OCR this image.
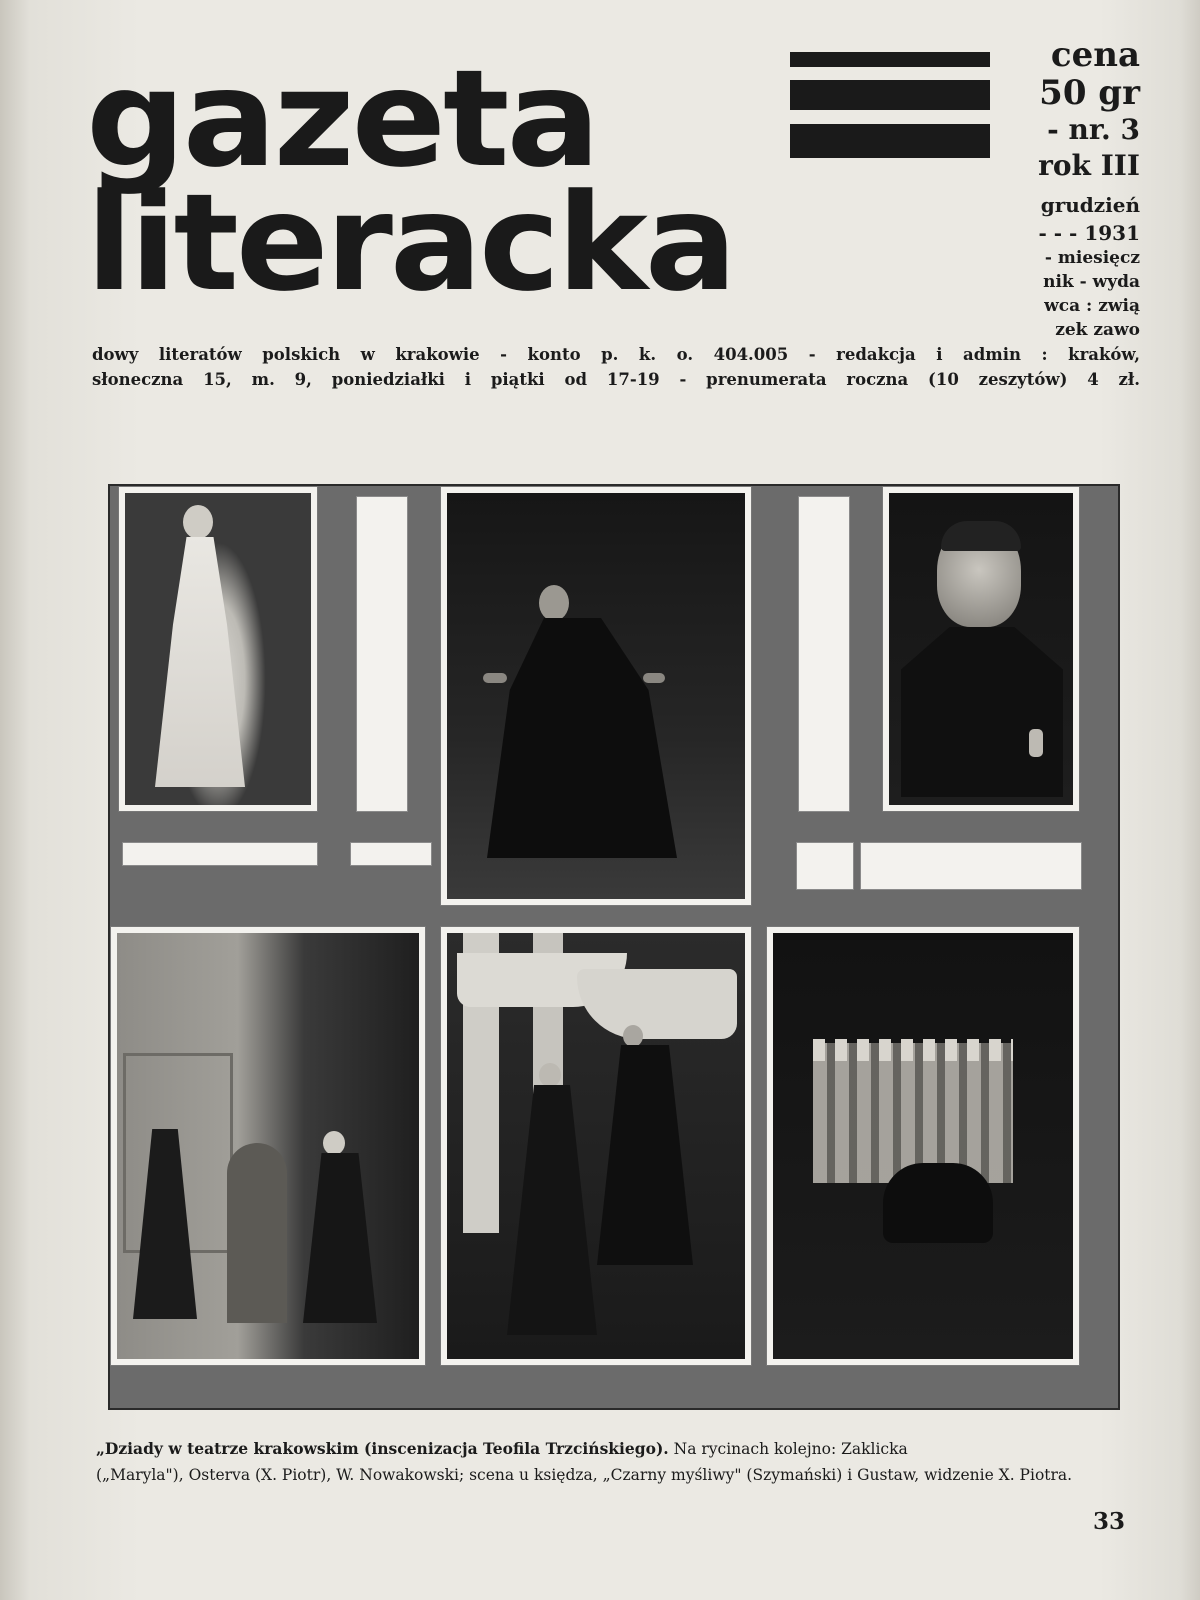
gazeta
literacka
cena
50 gr
- nr. 3
rok III
grudzień
- - - 1931
- miesięcz
nik - wyda
wca : zwią
zek zawo
dowy literatów polskich w krakowie - konto p. k. o. 404.005 - redakcja i admin : kraków,
słoneczna 15, m. 9, poniedziałki i piątki od 17-19 - prenumerata roczna (10 zeszytów) 4 zł.
„Dziady w teatrze krakowskim (inscenizacja Teofila Trzcińskiego). Na rycinach kolejno: Zaklicka
(„Maryla"), Osterva (X. Piotr), W. Nowakowski; scena u księdza, „Czarny myśliwy" (Szymański) i Gustaw, widzenie X. Piotra.
33
